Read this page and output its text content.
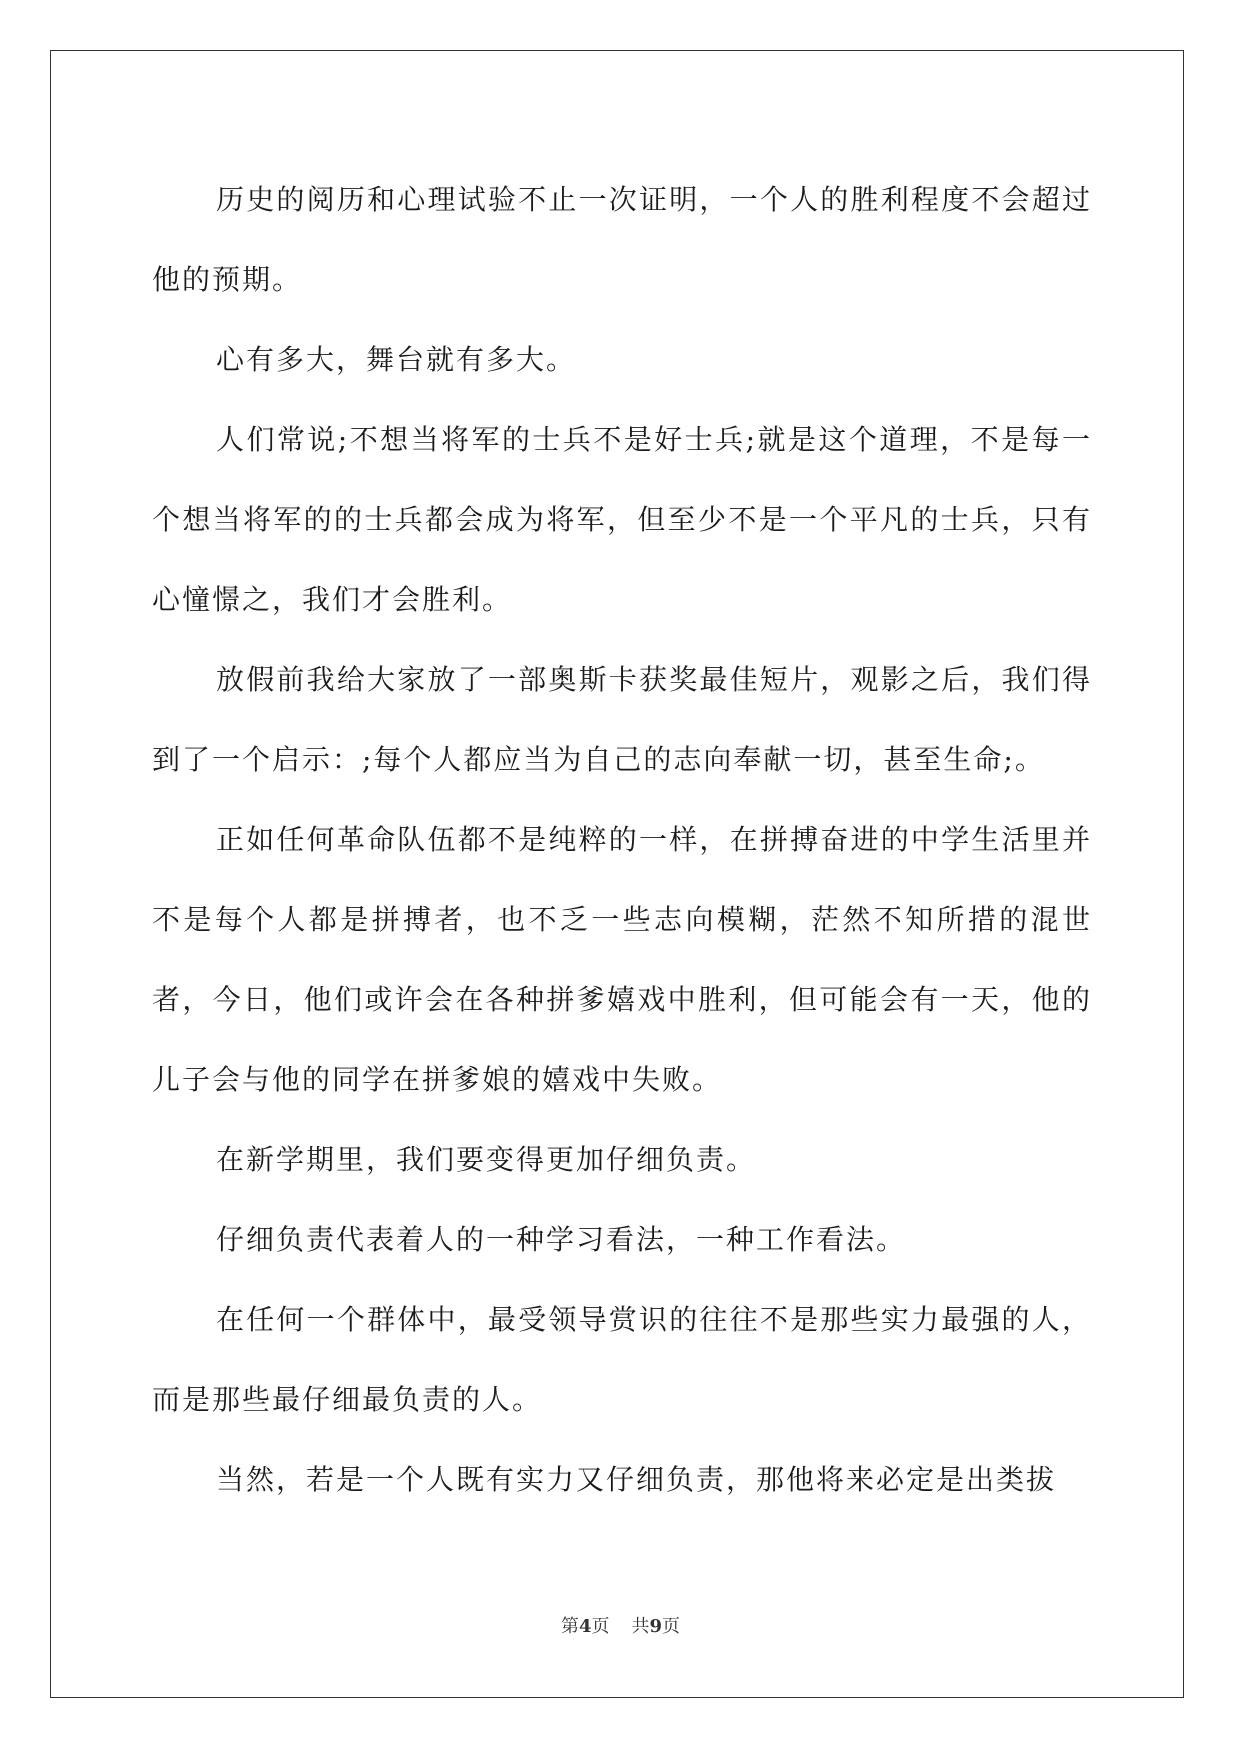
历史的阅历和心理试验不止一次证明，一个人的胜利程度不会超过他的预期。

心有多大，舞台就有多大。

人们常说;不想当将军的士兵不是好士兵;就是这个道理，不是每一个想当将军的的士兵都会成为将军，但至少不是一个平凡的士兵，只有心憧憬之，我们才会胜利。

放假前我给大家放了一部奥斯卡获奖最佳短片，观影之后，我们得到了一个启示：;每个人都应当为自己的志向奉献一切，甚至生命;。

正如任何革命队伍都不是纯粹的一样，在拼搏奋进的中学生活里并不是每个人都是拼搏者，也不乏一些志向模糊，茫然不知所措的混世者，今日，他们或许会在各种拼爹嬉戏中胜利，但可能会有一天，他的儿子会与他的同学在拼爹娘的嬉戏中失败。

在新学期里，我们要变得更加仔细负责。

仔细负责代表着人的一种学习看法，一种工作看法。

在任何一个群体中，最受领导赏识的往往不是那些实力最强的人，而是那些最仔细最负责的人。

当然，若是一个人既有实力又仔细负责，那他将来必定是出类拔

第4页 共9页
